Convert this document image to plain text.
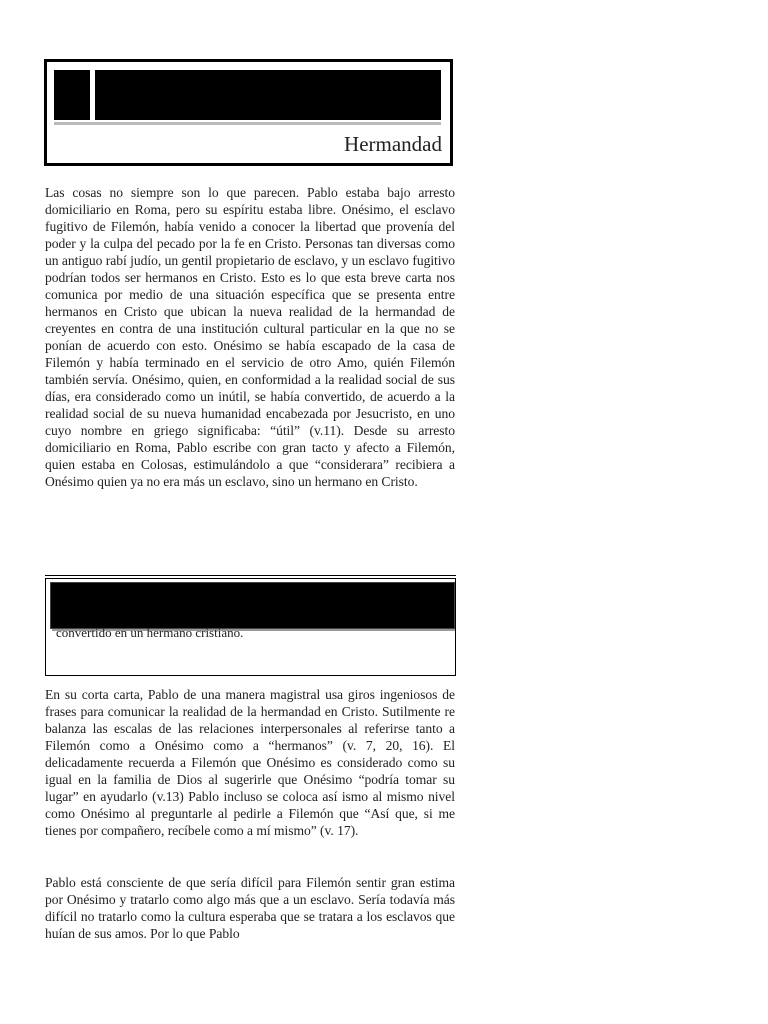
Hermandad

Las cosas no siempre son lo que parecen. Pablo estaba bajo arresto domiciliario en Roma, pero su espíritu estaba libre. Onésimo, el esclavo fugitivo de Filemón, había venido a conocer la libertad que provenía del poder y la culpa del pecado por la fe en Cristo. Personas tan diversas como un antiguo rabí judío, un gentil propietario de esclavo, y un esclavo fugitivo podrían todos ser hermanos en Cristo. Esto es lo que esta breve carta nos comunica por medio de una situación específica que se presenta entre hermanos en Cristo que ubican la nueva realidad de la hermandad de creyentes en contra de una institución cultural particular en la que no se ponían de acuerdo con esto. Onésimo se había escapado de la casa de Filemón y había terminado en el servicio de otro Amo, quién Filemón también servía. Onésimo, quien, en conformidad a la realidad social de sus días, era considerado como un inútil, se había convertido, de acuerdo a la realidad social de su nueva humanidad encabezada por Jesucristo, en uno cuyo nombre en griego significaba: “útil” (v.11). Desde su arresto domiciliario en Roma, Pablo escribe con gran tacto y afecto a Filemón, quien estaba en Colosas, estimulándolo a que “considerara” recibiera a Onésimo quien ya no era más un esclavo, sino un hermano en Cristo.

convertido en un hermano cristiano.

En su corta carta, Pablo de una manera magistral usa giros ingeniosos de frases para comunicar la realidad de la hermandad en Cristo. Sutilmente re balanza las escalas de las relaciones interpersonales al referirse tanto a Filemón como a Onésimo como a “hermanos” (v. 7, 20, 16). El delicadamente recuerda a Filemón que Onésimo es considerado como su igual en la familia de Dios al sugerirle que Onésimo “podría tomar su lugar” en ayudarlo (v.13) Pablo incluso se coloca así ismo al mismo nivel como Onésimo al preguntarle al pedirle a Filemón que “Así que, si me tienes por compañero, recíbele como a mí mismo” (v. 17).

Pablo está consciente de que sería difícil para Filemón sentir gran estima por Onésimo y tratarlo como algo más que a un esclavo. Sería todavía más difícil no tratarlo como la cultura esperaba que se tratara a los esclavos que huían de sus amos. Por lo que Pablo
